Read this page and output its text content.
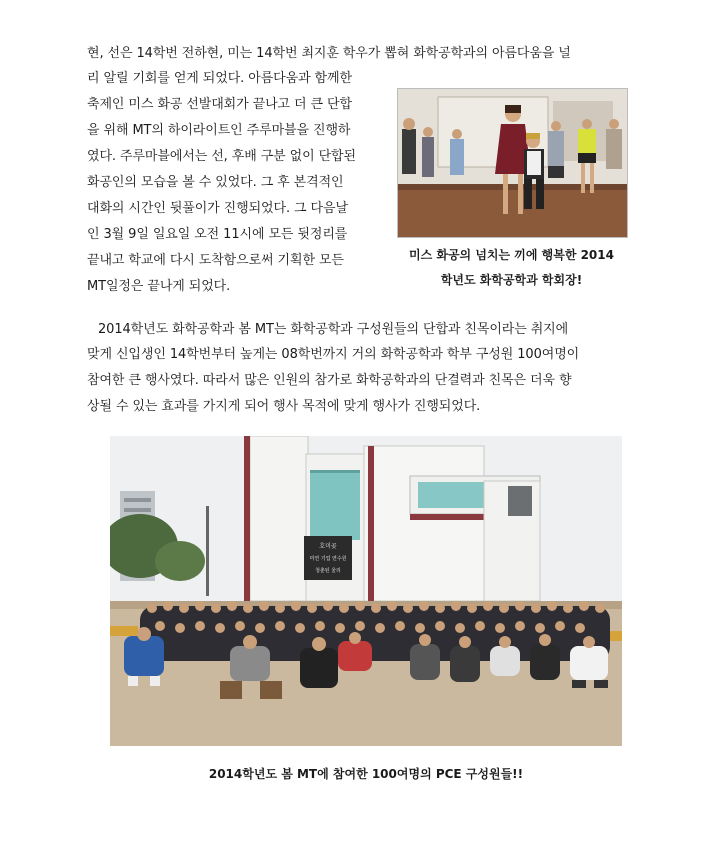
현, 선은 14학번 전하현, 미는 14학번 최지훈 학우가 뽑혀 화학공학과의 아름다움을 널
리 알릴 기회를 얻게 되었다. 아름다움과 함께한
축제인 미스 화공 선발대회가 끝나고 더 큰 단합
을 위해 MT의 하이라이트인 주루마블을 진행하
였다. 주루마블에서는 선, 후배 구분 없이 단합된
화공인의 모습을 볼 수 있었다. 그 후 본격적인
대화의 시간인 뒷풀이가 진행되었다. 그 다음날
인 3월 9일 일요일 오전 11시에 모든 뒷정리를
끝내고 학교에 다시 도착함으로써 기획한 모든
MT일정은 끝나게 되었다.
미스 화공의 넘치는 끼에 행복한 2014
학년도 화학공학과 학회장!
2014학년도 화학공학과 봄 MT는 화학공학과 구성원들의 단합과 친목이라는 취지에
맞게 신입생인 14학번부터 높게는 08학번까지 거의 화학공학과 학부 구성원 100여명이
참여한 큰 행사였다. 따라서 많은 인원의 참가로 화학공학과의 단결력과 친목은 더욱 향
상될 수 있는 효과를 가지게 되어 행사 목적에 맞게 행사가 진행되었다.
호미곶
미연 기업 연수원
청춘된 울리
2014학년도 봄 MT에 참여한 100여명의 PCE 구성원들!!
